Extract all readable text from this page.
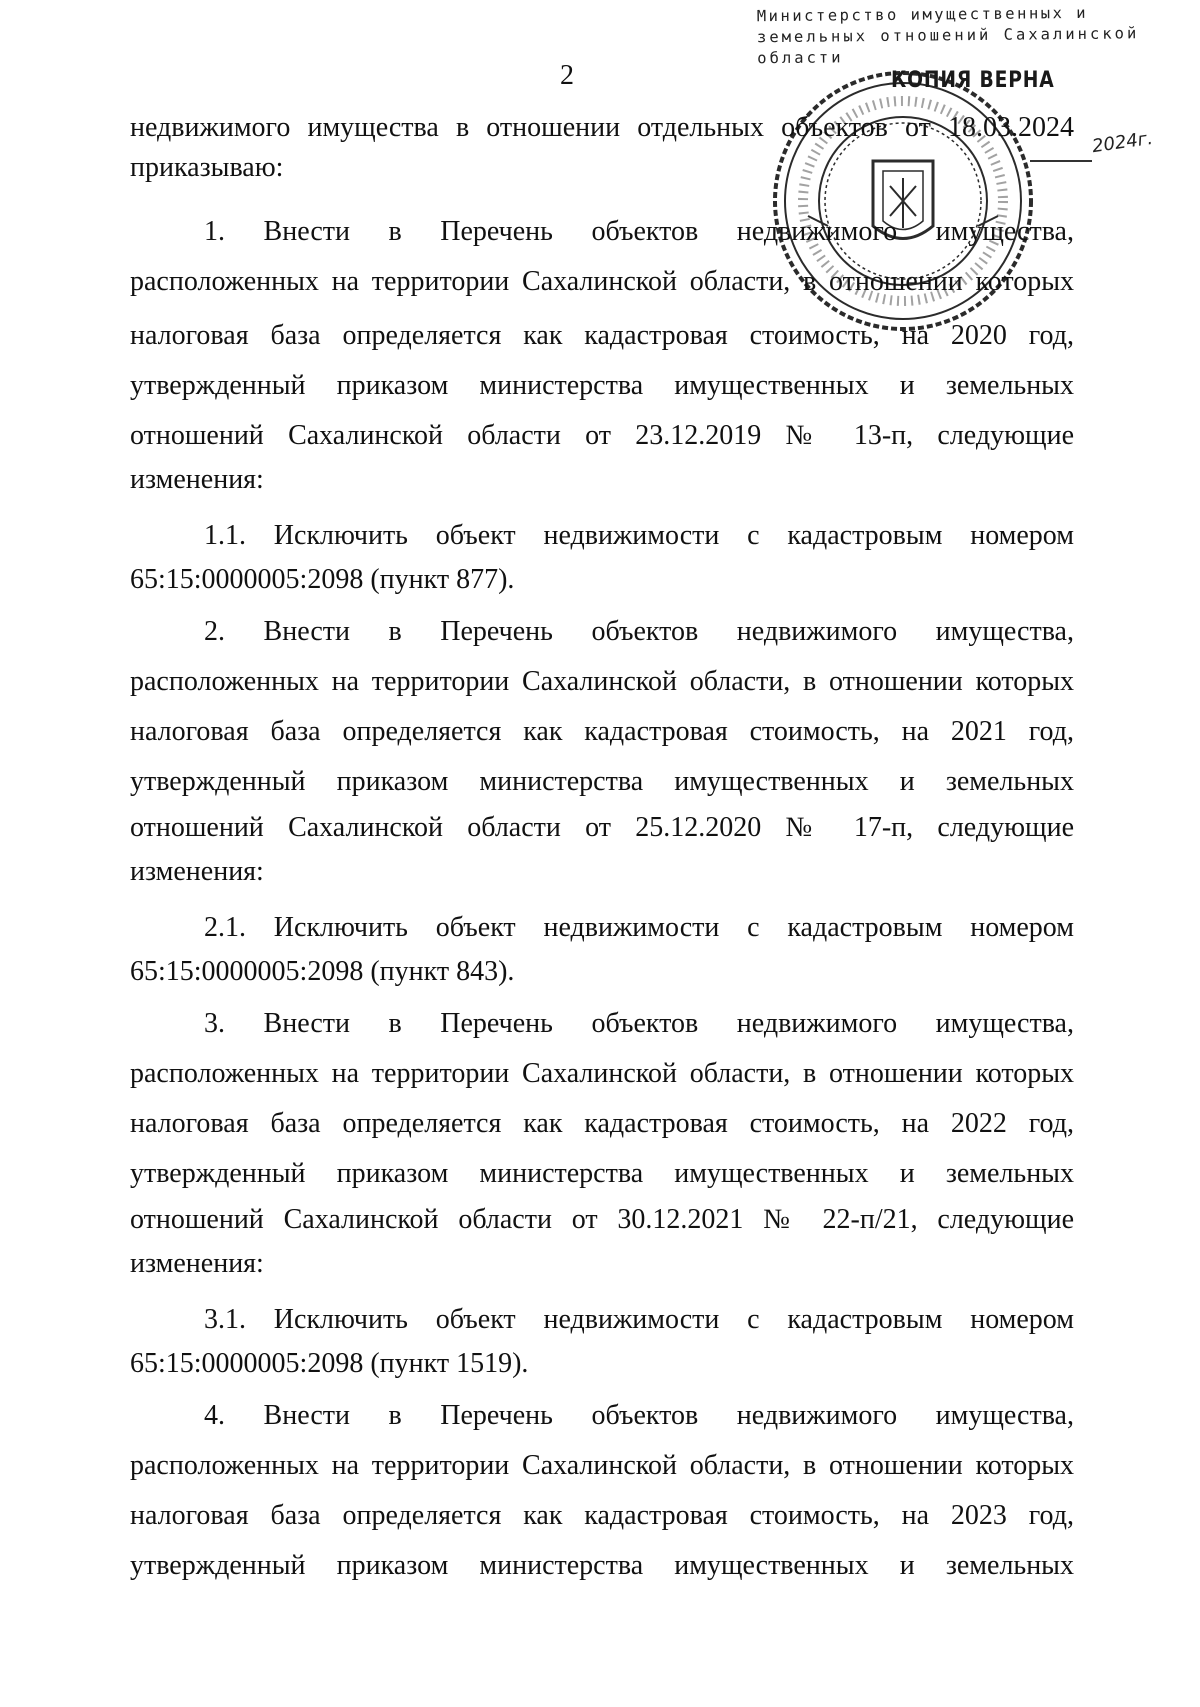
2
Министерство имущественных и
земельных отношений Сахалинской
области
КОПИЯ ВЕРНА
2024г.
недвижимого имущества в отношении отдельных объектов от 18.03.2024
приказываю:
1. Внести в Перечень объектов недвижимого имущества,
расположенных на территории Сахалинской области, в отношении которых
налоговая база определяется как кадастровая стоимость, на 2020 год,
утвержденный приказом министерства имущественных и земельных
отношений Сахалинской области от 23.12.2019 № 13-п, следующие
изменения:
1.1. Исключить объект недвижимости с кадастровым номером
65:15:0000005:2098 (пункт 877).
2. Внести в Перечень объектов недвижимого имущества,
расположенных на территории Сахалинской области, в отношении которых
налоговая база определяется как кадастровая стоимость, на 2021 год,
утвержденный приказом министерства имущественных и земельных
отношений Сахалинской области от 25.12.2020 № 17-п, следующие
изменения:
2.1. Исключить объект недвижимости с кадастровым номером
65:15:0000005:2098 (пункт 843).
3. Внести в Перечень объектов недвижимого имущества,
расположенных на территории Сахалинской области, в отношении которых
налоговая база определяется как кадастровая стоимость, на 2022 год,
утвержденный приказом министерства имущественных и земельных
отношений Сахалинской области от 30.12.2021 № 22-п/21, следующие
изменения:
3.1. Исключить объект недвижимости с кадастровым номером
65:15:0000005:2098 (пункт 1519).
4. Внести в Перечень объектов недвижимого имущества,
расположенных на территории Сахалинской области, в отношении которых
налоговая база определяется как кадастровая стоимость, на 2023 год,
утвержденный приказом министерства имущественных и земельных
